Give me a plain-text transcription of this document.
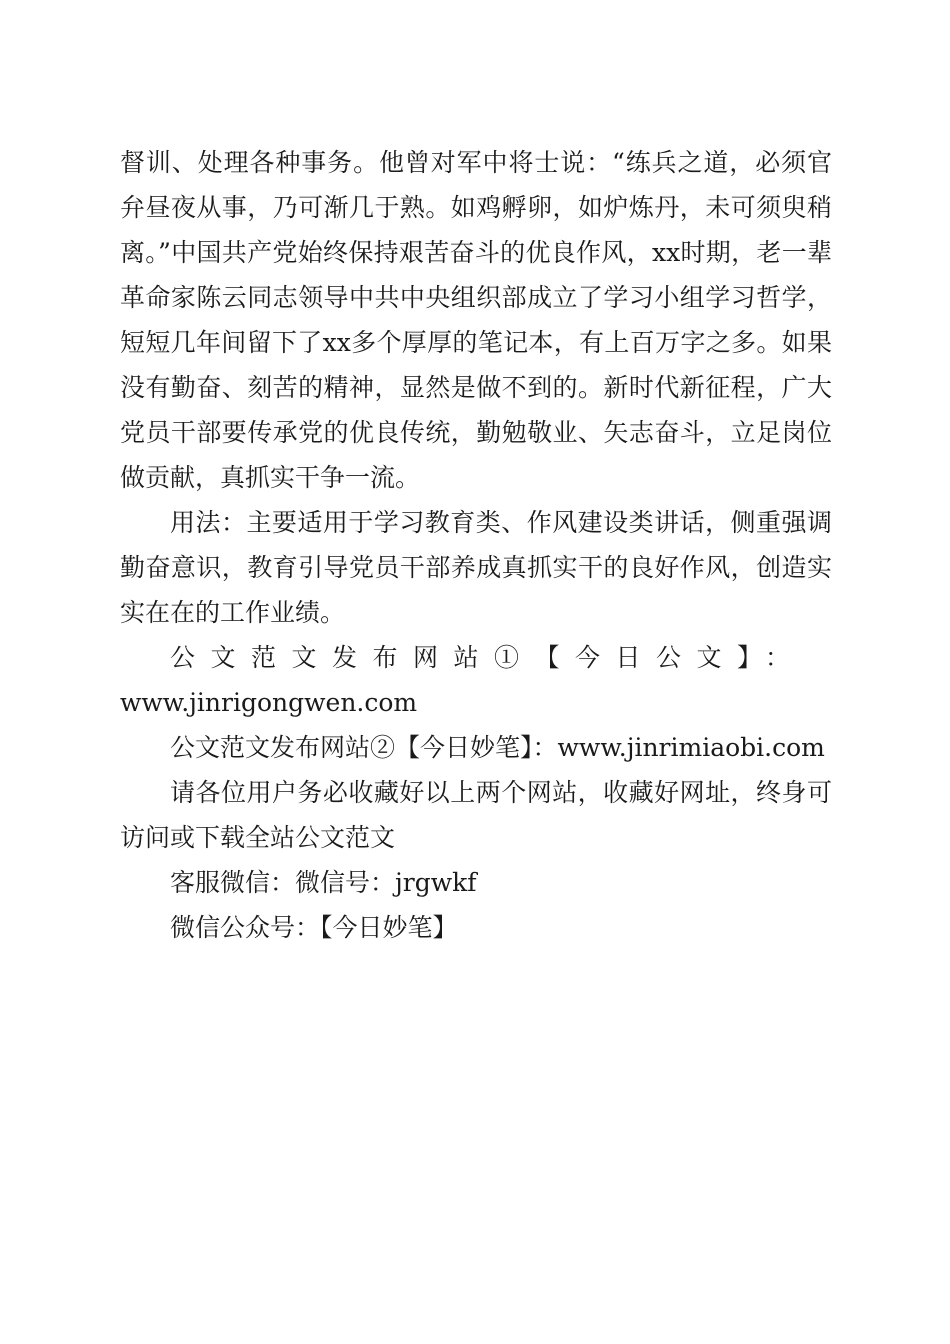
督训、处理各种事务。他曾对军中将士说：“练兵之道，必须官弁昼夜从事，乃可渐几于熟。如鸡孵卵，如炉炼丹，未可须臾稍离。”中国共产党始终保持艰苦奋斗的优良作风，xx时期，老一辈革命家陈云同志领导中共中央组织部成立了学习小组学习哲学，短短几年间留下了xx多个厚厚的笔记本，有上百万字之多。如果没有勤奋、刻苦的精神，显然是做不到的。新时代新征程，广大党员干部要传承党的优良传统，勤勉敬业、矢志奋斗，立足岗位做贡献，真抓实干争一流。

用法：主要适用于学习教育类、作风建设类讲话，侧重强调勤奋意识，教育引导党员干部养成真抓实干的良好作风，创造实实在在的工作业绩。

公文范文发布网站①【今日公文】：
www.jinrigongwen.com

公文范文发布网站②【今日妙笔】：www.jinrimiaobi.com

请各位用户务必收藏好以上两个网站，收藏好网址，终身可访问或下载全站公文范文

客服微信：微信号：jrgwkf

微信公众号：【今日妙笔】
